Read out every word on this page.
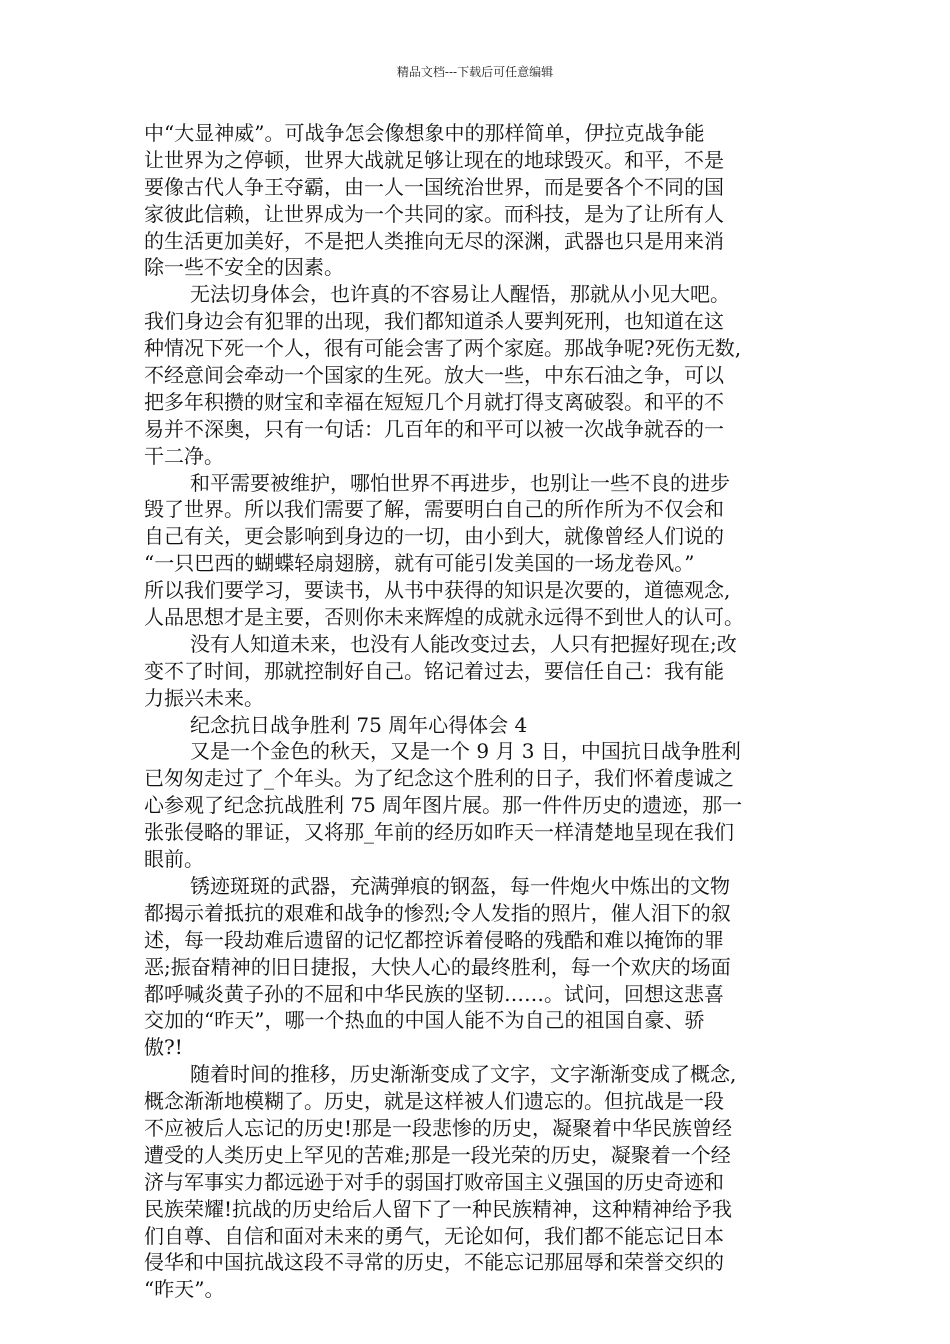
精品文档---下载后可任意编辑
中“大显神威”。可战争怎会像想象中的那样简单，伊拉克战争能
让世界为之停顿，世界大战就足够让现在的地球毁灭。和平，不是
要像古代人争王夺霸，由一人一国统治世界，而是要各个不同的国
家彼此信赖，让世界成为一个共同的家。而科技，是为了让所有人
的生活更加美好，不是把人类推向无尽的深渊，武器也只是用来消
除一些不安全的因素。
无法切身体会，也许真的不容易让人醒悟，那就从小见大吧。
我们身边会有犯罪的出现，我们都知道杀人要判死刑，也知道在这
种情况下死一个人，很有可能会害了两个家庭。那战争呢?死伤无数,
不经意间会牵动一个国家的生死。放大一些，中东石油之争，可以
把多年积攒的财宝和幸福在短短几个月就打得支离破裂。和平的不
易并不深奥，只有一句话：几百年的和平可以被一次战争就吞的一
干二净。
和平需要被维护，哪怕世界不再进步，也别让一些不良的进步
毁了世界。所以我们需要了解，需要明白自己的所作所为不仅会和
自己有关，更会影响到身边的一切，由小到大，就像曾经人们说的
“一只巴西的蝴蝶轻扇翅膀，就有可能引发美国的一场龙卷风。”
所以我们要学习，要读书，从书中获得的知识是次要的，道德观念,
人品思想才是主要，否则你未来辉煌的成就永远得不到世人的认可。
没有人知道未来，也没有人能改变过去，人只有把握好现在;改
变不了时间，那就控制好自己。铭记着过去，要信任自己：我有能
力振兴未来。
纪念抗日战争胜利 75 周年心得体会 4
又是一个金色的秋天，又是一个 9 月 3 日，中国抗日战争胜利
已匆匆走过了_个年头。为了纪念这个胜利的日子，我们怀着虔诚之
心参观了纪念抗战胜利 75 周年图片展。那一件件历史的遗迹，那一
张张侵略的罪证，又将那_年前的经历如昨天一样清楚地呈现在我们
眼前。
锈迹斑斑的武器，充满弹痕的钢盔，每一件炮火中炼出的文物
都揭示着抵抗的艰难和战争的惨烈;令人发指的照片，催人泪下的叙
述，每一段劫难后遗留的记忆都控诉着侵略的残酷和难以掩饰的罪
恶;振奋精神的旧日捷报，大快人心的最终胜利，每一个欢庆的场面
都呼喊炎黄子孙的不屈和中华民族的坚韧……。试问，回想这悲喜
交加的“昨天”，哪一个热血的中国人能不为自己的祖国自豪、骄
傲?!
随着时间的推移，历史渐渐变成了文字，文字渐渐变成了概念,
概念渐渐地模糊了。历史，就是这样被人们遗忘的。但抗战是一段
不应被后人忘记的历史!那是一段悲惨的历史，凝聚着中华民族曾经
遭受的人类历史上罕见的苦难;那是一段光荣的历史，凝聚着一个经
济与军事实力都远逊于对手的弱国打败帝国主义强国的历史奇迹和
民族荣耀!抗战的历史给后人留下了一种民族精神，这种精神给予我
们自尊、自信和面对未来的勇气，无论如何，我们都不能忘记日本
侵华和中国抗战这段不寻常的历史，不能忘记那屈辱和荣誉交织的
“昨天”。
